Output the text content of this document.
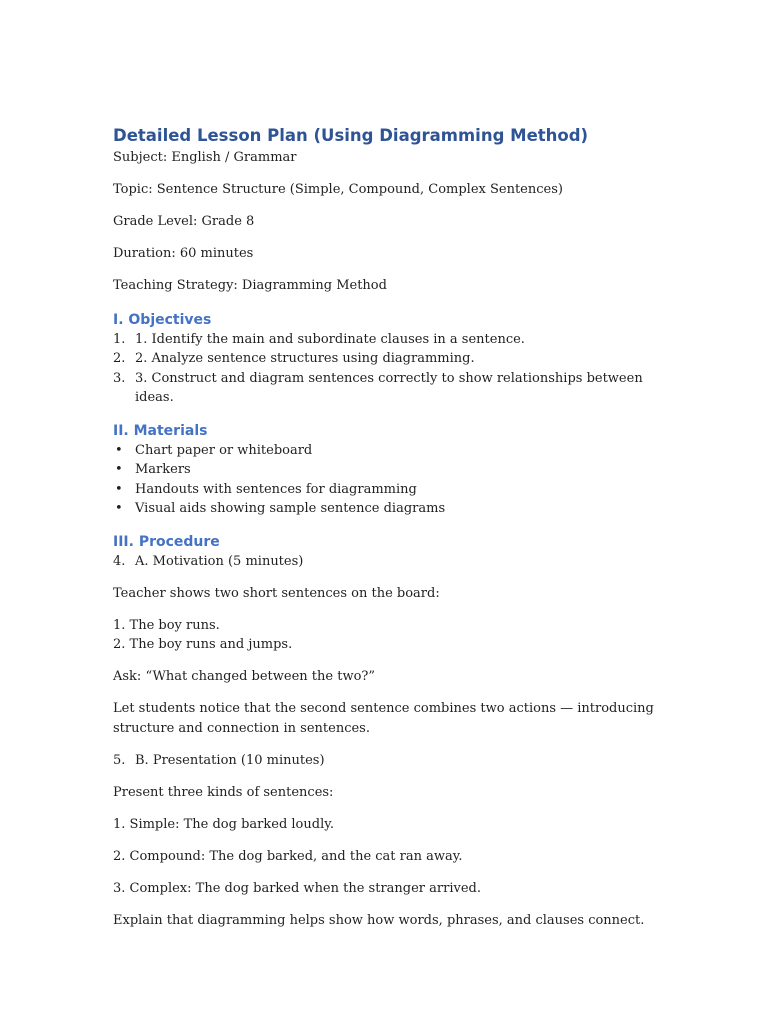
Detailed Lesson Plan (Using Diagramming Method)

Subject: English / Grammar

Topic: Sentence Structure (Simple, Compound, Complex Sentences)

Grade Level: Grade 8

Duration: 60 minutes

Teaching Strategy: Diagramming Method

I. Objectives
1. 1. Identify the main and subordinate clauses in a sentence.
2. 2. Analyze sentence structures using diagramming.
3. 3. Construct and diagram sentences correctly to show relationships between ideas.
II. Materials
• Chart paper or whiteboard
• Markers
• Handouts with sentences for diagramming
• Visual aids showing sample sentence diagrams
III. Procedure

4. A. Motivation (5 minutes)

Teacher shows two short sentences on the board:

1. The boy runs.

2. The boy runs and jumps.

Ask: “What changed between the two?”

Let students notice that the second sentence combines two actions — introducing structure and connection in sentences.

5. B. Presentation (10 minutes)

Present three kinds of sentences:

1. Simple: The dog barked loudly.

2. Compound: The dog barked, and the cat ran away.

3. Complex: The dog barked when the stranger arrived.

Explain that diagramming helps show how words, phrases, and clauses connect.
